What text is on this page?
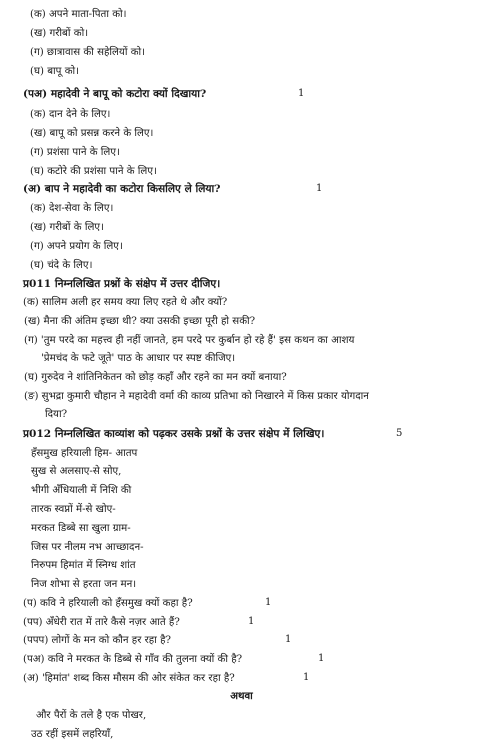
(क) अपने माता-पिता को।
(ख) गरीबों को।
(ग) छात्रावास की सहेलियों को।
(घ) बापू को।
(पअ) महादेवी ने बापू को कटोरा क्यों दिखाया?	1
(क) दान देने के लिए।
(ख) बापू को प्रसन्न करने के लिए।
(ग) प्रशंसा पाने के लिए।
(घ) कटोरे की प्रशंसा पाने के लिए।
(अ) बाप ने महादेवी का कटोरा किसलिए ले लिया?	1
(क) देश-सेवा के लिए।
(ख) गरीबों के लिए।
(ग) अपने प्रयोग के लिए।
(घ) चंदे के लिए।
प्र011 निम्नलिखित प्रश्नों के संक्षेप में उत्तर दीजिए।
(क) सालिम अली हर समय क्या लिए रहते थे और क्यों?
(ख) मैना की अंतिम इच्छा थी? क्या उसकी इच्छा पूरी हो सकी?
(ग) 'तुम परदे का महत्त्व ही नहीं जानते, हम परदे पर कुर्बान हो रहे हैं' इस कथन का आशय
'प्रेमचंद के फटे जूते' पाठ के आधार पर स्पष्ट कीजिए।
(घ) गुरुदेव ने शांतिनिकेतन को छोड़ कहाँ और रहने का मन क्यों बनाया?
(ङ) सुभद्रा कुमारी चौहान ने महादेवी वर्मा की काव्य प्रतिभा को निखारने में किस प्रकार योगदान
दिया?
प्र012 निम्नलिखित काव्यांश को पढ़कर उसके प्रश्नों के उत्तर संक्षेप में लिखिए।	5
हँसमुख हरियाली हिम- आतप
सुख से अलसाए-से सोए,
भीगी अँधियाली में निशि की
तारक स्वप्नों में-से खोए-
मरकत डिब्बे सा खुला ग्राम-
जिस पर नीलम नभ आच्छादन-
निरुपम हिमांत में स्निग्ध शांत
निज शोभा से हरता जन मन।
(प) कवि ने हरियाली को हँसमुख क्यों कहा है?	1
(पप) अँधेरी रात में तारे कैसे नज़र आते हैं?	1
(पपप) लोगों के मन को कौन हर रहा है?	1
(पअ) कवि ने मरकत के डिब्बे से गाँव की तुलना क्यों की है?	1
(अ) 'हिमांत' शब्द किस मौसम की ओर संकेत कर रहा है?	1
अथवा
और पैरों के तले है एक पोखर,
उठ रहीं इसमें लहरियाँ,
